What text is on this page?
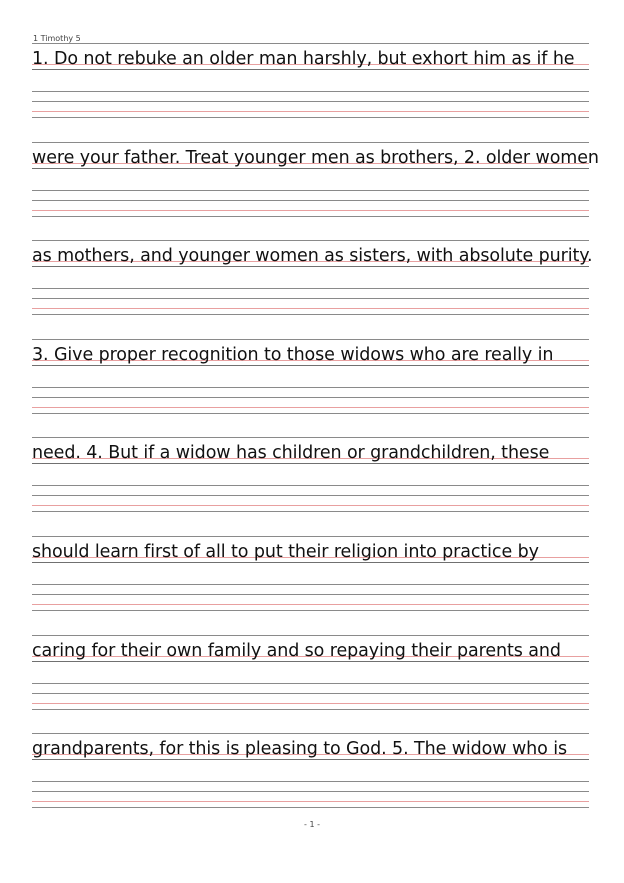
1 Timothy 5
1. Do not rebuke an older man harshly, but exhort him as if he
were your father. Treat younger men as brothers, 2. older women
as mothers, and younger women as sisters, with absolute purity.
3. Give proper recognition to those widows who are really in
need. 4. But if a widow has children or grandchildren, these
should learn first of all to put their religion into practice by
caring for their own family and so repaying their parents and
grandparents, for this is pleasing to God. 5. The widow who is
- 1 -
